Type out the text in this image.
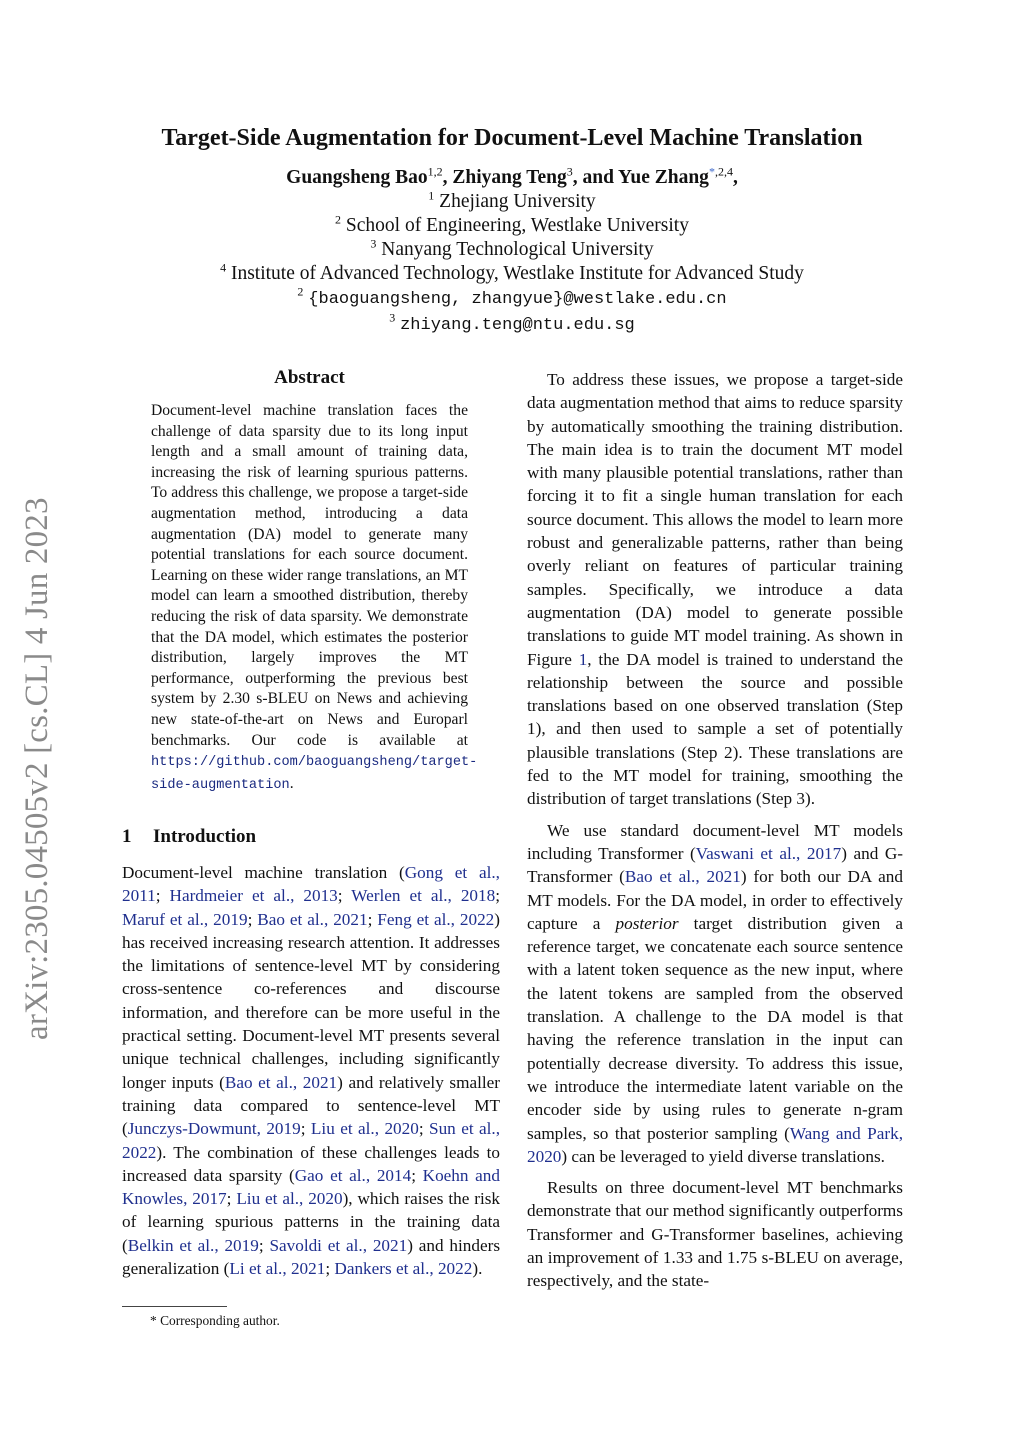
arXiv:2305.04505v2 [cs.CL] 4 Jun 2023
Target-Side Augmentation for Document-Level Machine Translation
Guangsheng Bao$^{1,2}$, Zhiyang Teng$^3$, and Yue Zhang$^{*,2,4}$,

$^1$ Zhejiang University

$^2$ School of Engineering, Westlake University

$^3$ Nanyang Technological University

$^4$ Institute of Advanced Technology, Westlake Institute for Advanced Study

$^2$ {baoguangsheng, zhangyue}@westlake.edu.cn

$^3$ zhiyang.teng@ntu.edu.sg

Abstract
Document-level machine translation faces the challenge of data sparsity due to its long input length and a small amount of training data, increasing the risk of learning spurious patterns. To address this challenge, we propose a target-side augmentation method, introducing a data augmentation (DA) model to generate many potential translations for each source document. Learning on these wider range translations, an MT model can learn a smoothed distribution, thereby reducing the risk of data sparsity. We demonstrate that the DA model, which estimates the posterior distribution, largely improves the MT performance, outperforming the previous best system by 2.30 s-BLEU on News and achieving new state-of-the-art on News and Europarl benchmarks. Our code is available at https://github.com/baoguangsheng/target-side-augmentation.
1 Introduction

Document-level machine translation (Gong et al., 2011; Hardmeier et al., 2013; Werlen et al., 2018; Maruf et al., 2019; Bao et al., 2021; Feng et al., 2022) has received increasing research attention. It addresses the limitations of sentence-level MT by considering cross-sentence co-references and discourse information, and therefore can be more useful in the practical setting. Document-level MT presents several unique technical challenges, including significantly longer inputs (Bao et al., 2021) and relatively smaller training data compared to sentence-level MT (Junczys-Dowmunt, 2019; Liu et al., 2020; Sun et al., 2022). The combination of these challenges leads to increased data sparsity (Gao et al., 2014; Koehn and Knowles, 2017; Liu et al., 2020), which raises the risk of learning spurious patterns in the training data (Belkin et al., 2019; Savoldi et al., 2021) and hinders generalization (Li et al., 2021; Dankers et al., 2022).

To address these issues, we propose a target-side data augmentation method that aims to reduce sparsity by automatically smoothing the training distribution. The main idea is to train the document MT model with many plausible potential translations, rather than forcing it to fit a single human translation for each source document. This allows the model to learn more robust and generalizable patterns, rather than being overly reliant on features of particular training samples. Specifically, we introduce a data augmentation (DA) model to generate possible translations to guide MT model training. As shown in Figure 1, the DA model is trained to understand the relationship between the source and possible translations based on one observed translation (Step 1), and then used to sample a set of potentially plausible translations (Step 2). These translations are fed to the MT model for training, smoothing the distribution of target translations (Step 3).

We use standard document-level MT models including Transformer (Vaswani et al., 2017) and G-Transformer (Bao et al., 2021) for both our DA and MT models. For the DA model, in order to effectively capture a posterior target distribution given a reference target, we concatenate each source sentence with a latent token sequence as the new input, where the latent tokens are sampled from the observed translation. A challenge to the DA model is that having the reference translation in the input can potentially decrease diversity. To address this issue, we introduce the intermediate latent variable on the encoder side by using rules to generate n-gram samples, so that posterior sampling (Wang and Park, 2020) can be leveraged to yield diverse translations.

Results on three document-level MT benchmarks demonstrate that our method significantly outperforms Transformer and G-Transformer baselines, achieving an improvement of 1.33 and 1.75 s-BLEU on average, respectively, and the state-

* Corresponding author.
